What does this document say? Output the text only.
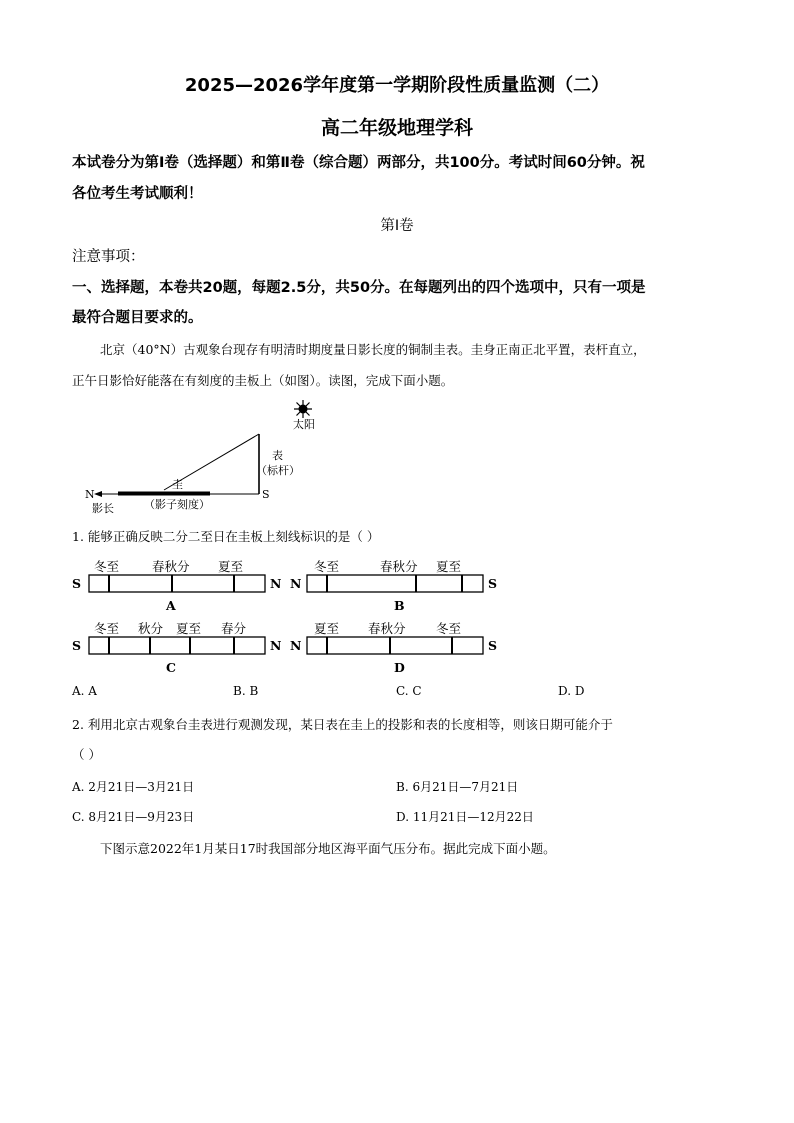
2025—2026学年度第一学期阶段性质量监测（二）
高二年级地理学科
本试卷分为第Ⅰ卷（选择题）和第Ⅱ卷（综合题）两部分，共100分。考试时间60分钟。祝
各位考生考试顺利！
第Ⅰ卷
注意事项：
一、选择题，本卷共20题，每题2.5分，共50分。在每题列出的四个选项中，只有一项是
最符合题目要求的。
北京（40°N）古观象台现存有明清时期度量日影长度的铜制圭表。圭身正南正北平置，表杆直立，
正午日影恰好能落在有刻度的圭板上（如图）。读图，完成下面小题。
太阳
表
（标杆）
圭
（影子刻度）
N	S
影长
1. 能够正确反映二分二至日在圭板上刻线标识的是（ ）
冬至	春秋分 夏至
S	N
A
冬至	春秋分 夏至
N	S
B
冬至 秋分 夏至 春分
S	N
C
夏至 春秋分 冬至
N	S
D
A. A	B. B	C. C	D. D
2. 利用北京古观象台圭表进行观测发现，某日表在圭上的投影和表的长度相等，则该日期可能介于
（ ）
A. 2月21日—3月21日	B. 6月21日—7月21日
C. 8月21日—9月23日	D. 11月21日—12月22日
下图示意2022年1月某日17时我国部分地区海平面气压分布。据此完成下面小题。
